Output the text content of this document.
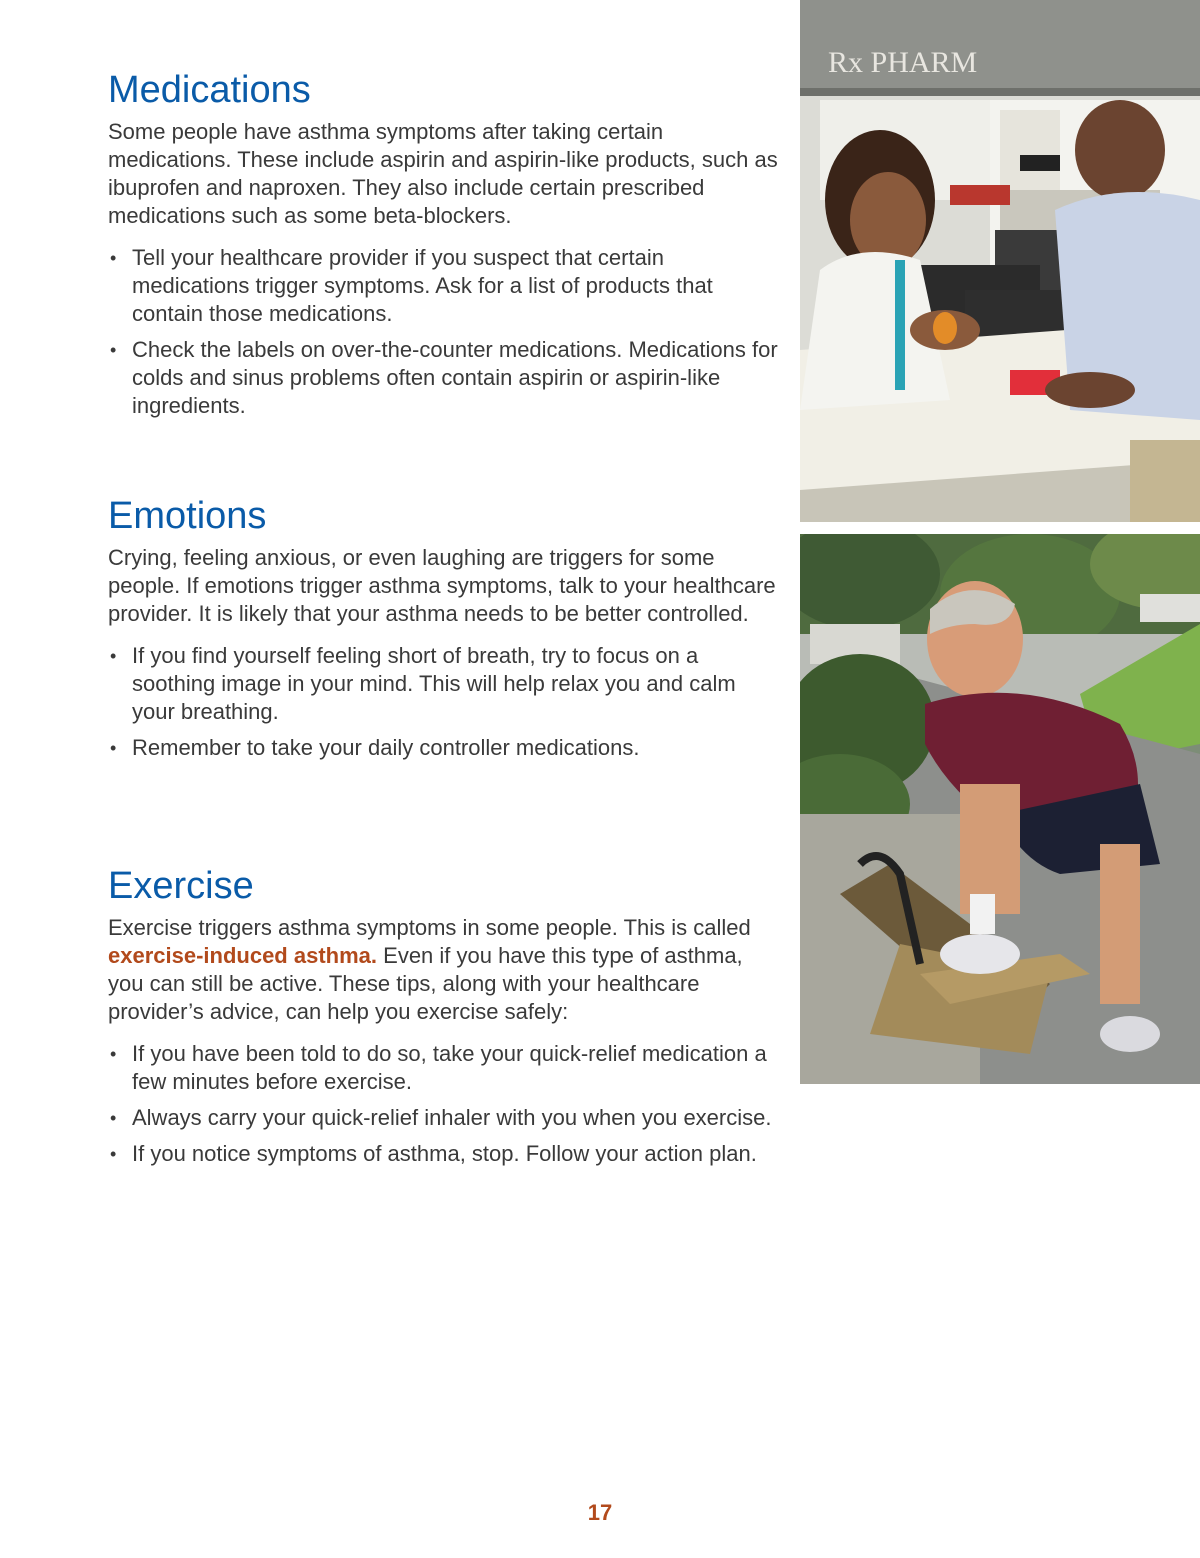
Medications

Some people have asthma symptoms after taking certain medications. These include aspirin and aspirin-like products, such as ibuprofen and naproxen. They also include certain prescribed medications such as some beta-blockers.

• Tell your healthcare provider if you suspect that certain medications trigger symptoms. Ask for a list of products that contain those medications.
• Check the labels on over-the-counter medications. Medications for colds and sinus problems often contain aspirin or aspirin-like ingredients.
Emotions

Crying, feeling anxious, or even laughing are triggers for some people. If emotions trigger asthma symptoms, talk to your healthcare provider. It is likely that your asthma needs to be better controlled.

• If you find yourself feeling short of breath, try to focus on a soothing image in your mind. This will help relax you and calm your breathing.
• Remember to take your daily controller medications.
Exercise

Exercise triggers asthma symptoms in some people. This is called exercise-induced asthma. Even if you have this type of asthma, you can still be active. These tips, along with your healthcare provider’s advice, can help you exercise safely:

• If you have been told to do so, take your quick-relief medication a few minutes before exercise.
• Always carry your quick-relief inhaler with you when you exercise.
• If you notice symptoms of asthma, stop. Follow your action plan.
Rx PHARM
17
